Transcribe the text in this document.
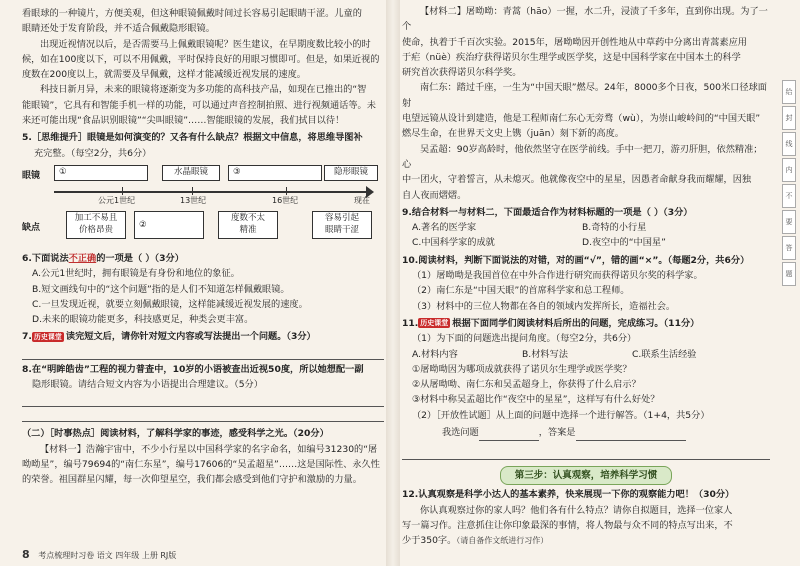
看眼球的一种镜片，方便美观，但这种眼镜佩戴时间过长容易引起眼睛干涩。儿童的

眼睛还处于发育阶段，并不适合佩戴隐形眼镜。

出现近视情况以后，是否需要马上佩戴眼镜呢？医生建议，在早期度数比较小的时

候，如在100度以下，可以不用佩戴，平时保持良好的用眼习惯即可。但是，如果近视的

度数在200度以上，就需要及早佩戴，这样才能减缓近视发展的速度。

科技日新月异，未来的眼镜将逐渐变为多功能的高科技产品，如现在已推出的“智

能眼镜”，它具有和智能手机一样的功能，可以通过声音控制拍照、进行视频通话等。未

来还可能出现“食品识别眼镜”“尖叫眼镜”……智能眼镜的发展，我们拭目以待！

5.［思维提升］眼镜是如何演变的？又各有什么缺点？根据文中信息，将思维导图补

充完整。（每空2分，共6分）

眼镜
缺点
①	水晶眼镜	③	隐形眼镜
公元1世纪	13世纪	16世纪	现在
加工不易且
价格昂贵	②
度数不太
精准
容易引起
眼睛干涩

6.下面说法不正确的一项是（ ）（3分）

A.公元1世纪时，拥有眼镜是有身份和地位的象征。

B.短文画线句中的“这个问题”指的是人们不知道怎样佩戴眼镜。

C.一旦发现近视，就要立刻佩戴眼镜，这样能减缓近视发展的速度。

D.未来的眼镜功能更多，科技感更足，种类会更丰富。

7. 历史课堂 读完短文后，请你针对短文内容或写法提出一个问题。（3分）

8.在“明眸皓齿”工程的视力普查中，10岁的小语被查出近视50度，所以她想配一副

隐形眼镜。请结合短文内容为小语提出合理建议。（5分）

（二）［时事热点］阅读材料，了解科学家的事迹，感受科学之光。（20分）

【材料一】浩瀚宇宙中，不少小行星以中国科学家的名字命名，如编号31230的“屠

呦呦星”，编号79694的“南仁东星”，编号17606的“吴孟超星”……这是国际性、永久性

的荣誉。祖国群星闪耀，每一次仰望星空，我们都会感受到他们守护和激励的力量。

8 考点梳理时习卷 语文 四年级 上册 RJ版

【材料二】屠呦呦：青蒿（hāo）一握，水二升，浸渍了千多年，直到你出现。为了一个

使命，执着于千百次实验。2015年，屠呦呦因开创性地从中草药中分离出青蒿素应用

于疟（nüè）疾治疗获得诺贝尔生理学或医学奖，这是中国科学家在中国本土的科学

研究首次获得诺贝尔科学奖。

南仁东：踏过千座，一生为“中国天眼”燃尽。24年，8000多个日夜，500米口径球面射

电望远镜从设计到建造，他是工程师南仁东心无旁骛（wù），为崇山峻岭间的“中国天眼”

燃尽生命，在世界天文史上镌（juān）刻下新的高度。

吴孟超：90岁高龄时，他依然坚守在医学前线。手中一把刀，游刃肝胆，依然精准；心

中一团火，守着誓言，从未熄灭。他就像夜空中的星星，因愚者命献身我而耀耀，因独

自人夜而熠熠。

9.结合材料一与材料二，下面最适合作为材料标题的一项是（ ）（3分）

A.著名的医学家	B.奇特的小行星

C.中国科学家的成就	D.夜空中的“中国星”

10.阅读材料，判断下面说法的对错，对的画“√”，错的画“×”。（每题2分，共6分）

（1）屠呦呦是我国首位在中外合作进行研究而获得诺贝尔奖的科学家。

（2）南仁东是“中国天眼”的首席科学家和总工程师。

（3）材料中的三位人物都在各自的领域内发挥所长，造福社会。

11. 历史课堂 根据下面同学们阅读材料后所出的问题，完成练习。（11分）

（1）为下面的问题选出提问角度。（每空2分，共6分）

A.材料内容	B.材料写法	C.联系生活经验

①屠呦呦因为哪项成就获得了诺贝尔生理学或医学奖？

②从屠呦呦、南仁东和吴孟超身上，你获得了什么启示？

③材料中称吴孟超比作“夜空中的星星”，这样写有什么好处？

（2）［开放性试题］从上面的问题中选择一个进行解答。（1+4，共5分）

我选问题	，答案是

第三步：认真观察，培养科学习惯

12.认真观察是科学小达人的基本素养，快来展现一下你的观察能力吧！（30分）

你认真观察过你的家人吗？他们各有什么特点？请你自拟题目，选择一位家人

写一篇习作。注意抓住让你印象最深的事情，将人物最与众不同的特点写出来，不

少于350字。（请自备作文纸进行习作）

给
封
线
内
不
要
答
题
